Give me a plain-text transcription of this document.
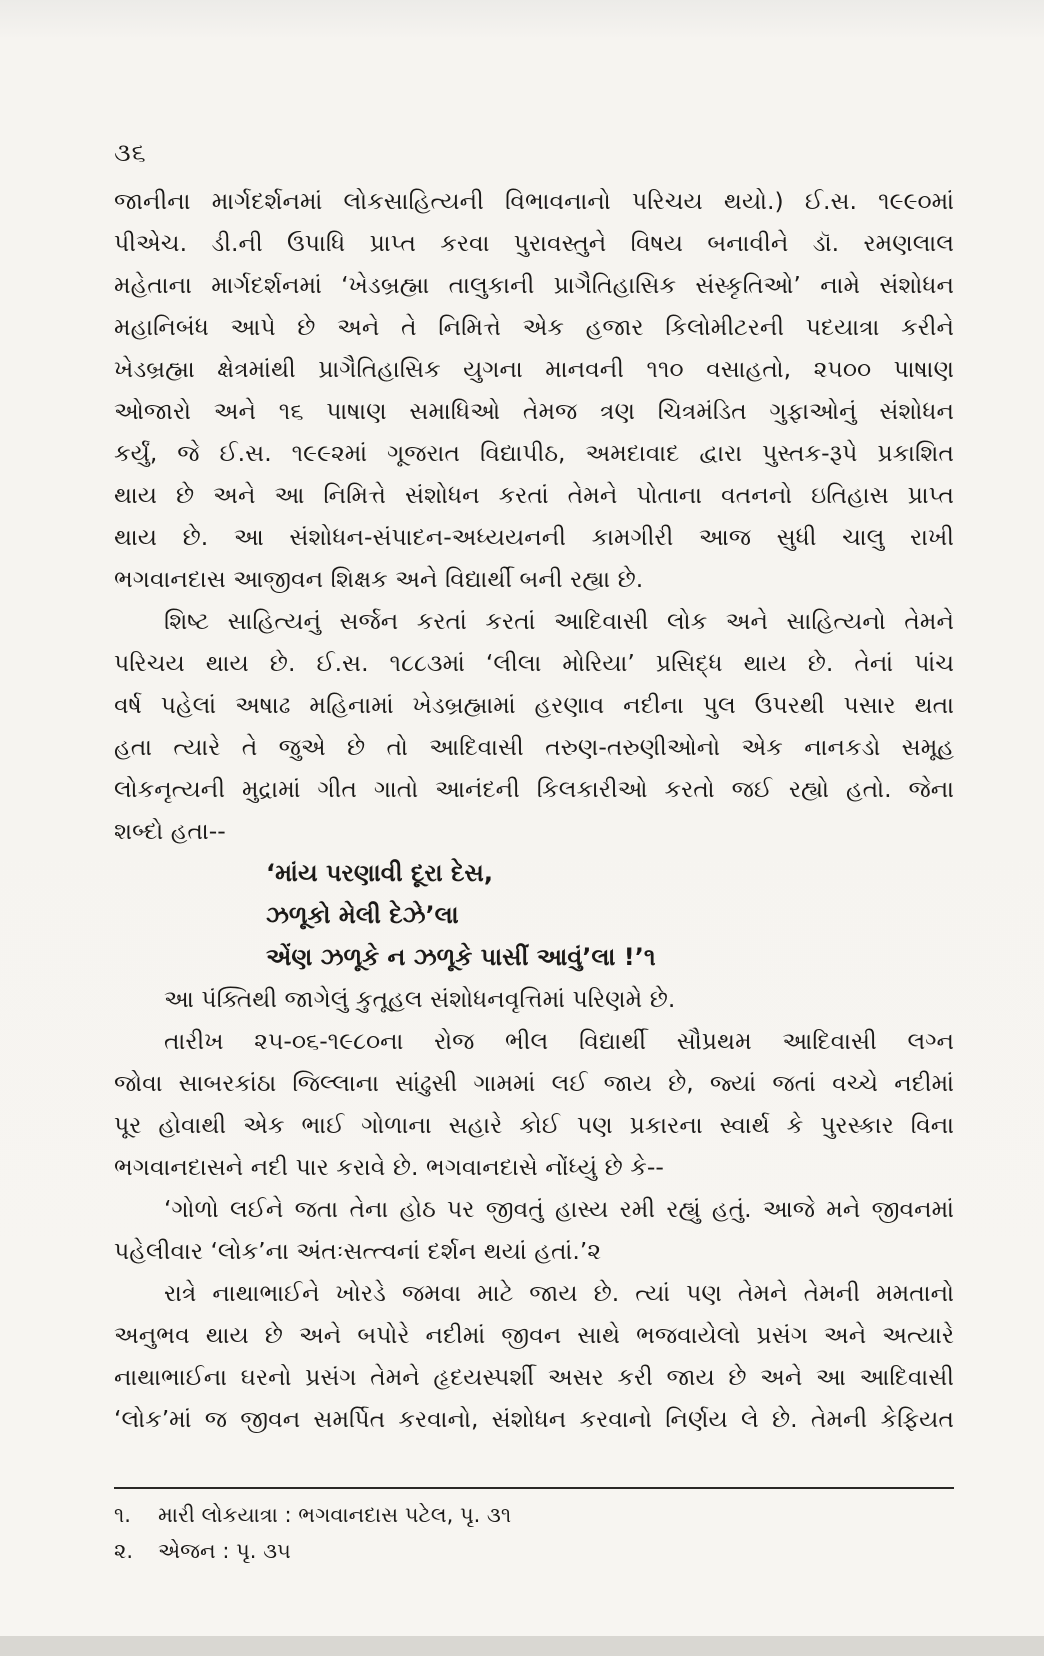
૩૬
જાનીના માર્ગદર્શનમાં લોકસાહિત્યની વિભાવનાનો પરિચય થયો.) ઈ.સ. ૧૯૯૦માં
પીએચ. ડી.ની ઉપાધિ પ્રાપ્ત કરવા પુરાવસ્તુને વિષય બનાવીને ડૉ. રમણલાલ
મહેતાના માર્ગદર્શનમાં ‘ખેડબ્રહ્મા તાલુકાની પ્રાગૈતિહાસિક સંસ્કૃતિઓ’ નામે સંશોધન
મહાનિબંધ આપે છે અને તે નિમિત્તે એક હજાર કિલોમીટરની પદયાત્રા કરીને
ખેડબ્રહ્મા ક્ષેત્રમાંથી પ્રાગૈતિહાસિક યુગના માનવની ૧૧૦ વસાહતો, ૨૫૦૦ પાષાણ
ઓજારો અને ૧૬ પાષાણ સમાધિઓ તેમજ ત્રણ ચિત્રમંડિત ગુફાઓનું સંશોધન
કર્યું, જે ઈ.સ. ૧૯૯૨માં ગૂજરાત વિદ્યાપીઠ, અમદાવાદ દ્વારા પુસ્તક-રૂપે પ્રકાશિત
થાય છે અને આ નિમિત્તે સંશોધન કરતાં તેમને પોતાના વતનનો ઇતિહાસ પ્રાપ્ત
થાય છે. આ સંશોધન-સંપાદન-અધ્યયનની કામગીરી આજ સુધી ચાલુ રાખી
ભગવાનદાસ આજીવન શિક્ષક અને વિદ્યાર્થી બની રહ્યા છે.
શિષ્ટ સાહિત્યનું સર્જન કરતાં કરતાં આદિવાસી લોક અને સાહિત્યનો તેમને
પરિચય થાય છે. ઈ.સ. ૧૮૮૩માં ‘લીલા મોરિયા’ પ્રસિદ્ધ થાય છે. તેનાં પાંચ
વર્ષ પહેલાં અષાઢ મહિનામાં ખેડબ્રહ્મામાં હરણાવ નદીના પુલ ઉપરથી પસાર થતા
હતા ત્યારે તે જુએ છે તો આદિવાસી તરુણ-તરુણીઓનો એક નાનકડો સમૂહ
લોકનૃત્યની મુદ્રામાં ગીત ગાતો આનંદની કિલકારીઓ કરતો જઈ રહ્યો હતો. જેના
શબ્દો હતા--
‘માંય પરણાવી દૂરા દેસ,
ઝળૂકો મેલી દેઝે’લા
એંણ ઝળૂકે ન ઝળૂકે પાસીં આવું’લા !’૧
આ પંક્તિથી જાગેલું કુતૂહલ સંશોધનવૃત્તિમાં પરિણમે છે.
તારીખ ૨૫-૦૬-૧૯૮૦ના રોજ ભીલ વિદ્યાર્થી સૌપ્રથમ આદિવાસી લગ્ન
જોવા સાબરકાંઠા જિલ્લાના સાંઢુસી ગામમાં લઈ જાય છે, જ્યાં જતાં વચ્ચે નદીમાં
પૂર હોવાથી એક ભાઈ ગોળાના સહારે કોઈ પણ પ્રકારના સ્વાર્થ કે પુરસ્કાર વિના
ભગવાનદાસને નદી પાર કરાવે છે. ભગવાનદાસે નોંધ્યું છે કે--
‘ગોળો લઈને જતા તેના હોઠ પર જીવતું હાસ્ય રમી રહ્યું હતું. આજે મને જીવનમાં
પહેલીવાર ‘લોક’ના અંતઃસત્ત્વનાં દર્શન થયાં હતાં.’૨
રાત્રે નાથાભાઈને ખોરડે જમવા માટે જાય છે. ત્યાં પણ તેમને તેમની મમતાનો
અનુભવ થાય છે અને બપોરે નદીમાં જીવન સાથે ભજવાયેલો પ્રસંગ અને અત્યારે
નાથાભાઈના ઘરનો પ્રસંગ તેમને હૃદયસ્પર્શી અસર કરી જાય છે અને આ આદિવાસી
‘લોક’માં જ જીવન સમર્પિત કરવાનો, સંશોધન કરવાનો નિર્ણય લે છે. તેમની કેફિયત
૧. મારી લોકયાત્રા : ભગવાનદાસ પટેલ, પૃ. ૩૧
૨. એજન : પૃ. ૩૫
